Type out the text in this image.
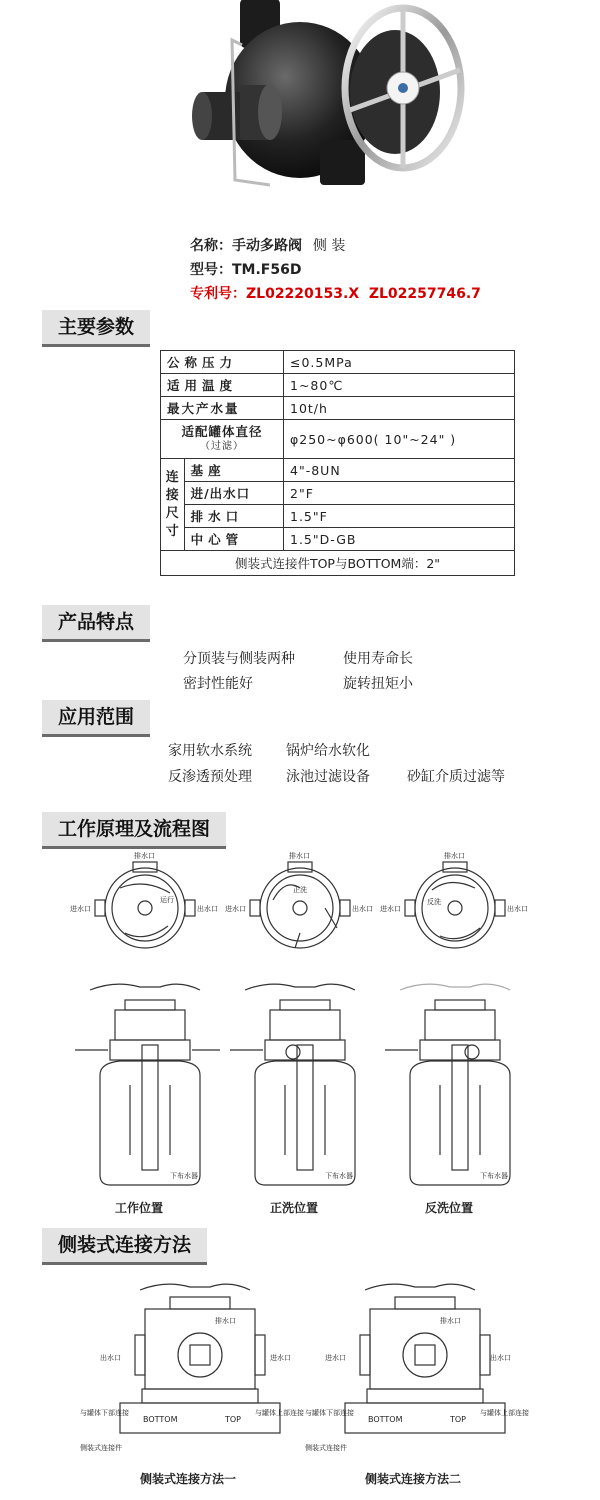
名称：手动多路阀 侧 装
型号：TM.F56D
专利号：ZL02220153.X  ZL02257746.7
主要参数
公称压力		≤0.5MPa
适用温度		1~80℃
最大产水量		10t/h

适配罐体直径
（过滤）		φ250~φ600( 10"~24" )
连接尺寸	基座	4"-8UN
	进/出水口	2"F
	排水口	1.5"F
	中心管	1.5"D-GB
侧装式连接件TOP与BOTTOM端：2"		
产品特点
分顶装与侧装两种	使用寿命长
密封性能好	旋转扭矩小
应用范围
家用软水系统 锅炉给水软化
反渗透预处理 泳池过滤设备	砂缸介质过滤等
工作原理及流程图
排水口
进水口	出水口
运行
排水口
进水口	出水口
正洗
排水口
进水口	出水口
反洗
下布水器	下布水器	下布水器
工作位置	正洗位置	反洗位置
侧装式连接方法
排水口
出水口	进水口
BOTTOM	TOP
与罐体下部连接	与罐体上部连接
侧装式连接件
排水口
进水口	出水口
BOTTOM	TOP
与罐体下部连接	与罐体上部连接
侧装式连接件
侧装式连接方法一	侧装式连接方法二
